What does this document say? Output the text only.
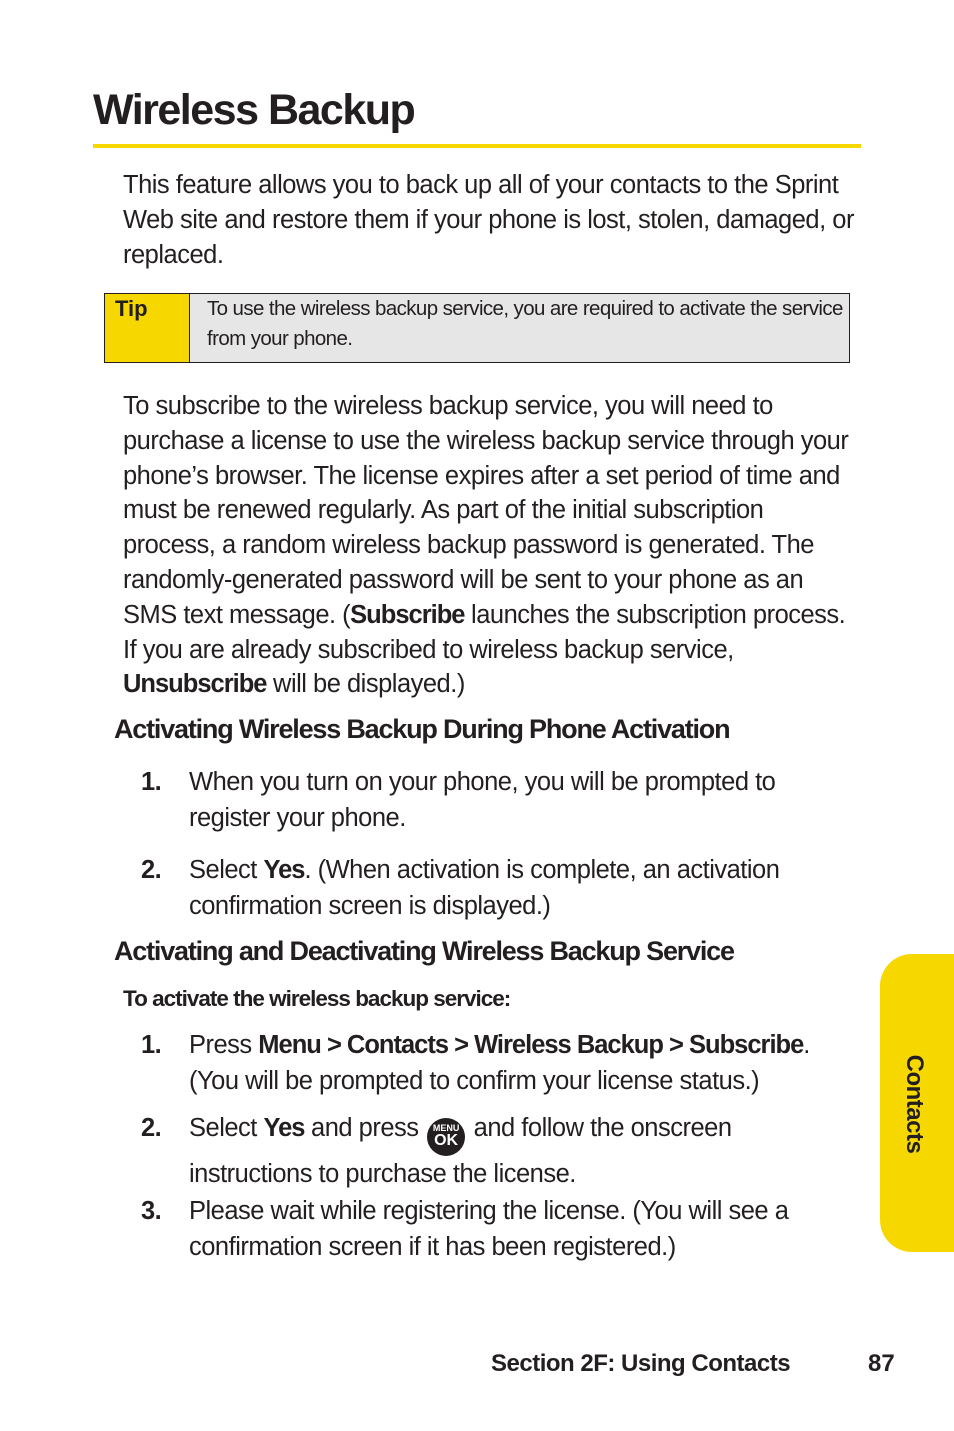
Wireless Backup

This feature allows you to back up all of your contacts to the Sprint Web site and restore them if your phone is lost, stolen, damaged, or replaced.

Tip	To use the wireless backup service, you are required to activate the service from your phone.

To subscribe to the wireless backup service, you will need to purchase a license to use the wireless backup service through your phone’s browser. The license expires after a set period of time and must be renewed regularly. As part of the initial subscription process, a random wireless backup password is generated. The randomly-generated password will be sent to your phone as an SMS text message. (Subscribe launches the subscription process. If you are already subscribed to wireless backup service, Unsubscribe will be displayed.)

Activating Wireless Backup During Phone Activation
1.	When you turn on your phone, you will be prompted to register your phone.
2.	Select Yes. (When activation is complete, an activation confirmation screen is displayed.)
Activating and Deactivating Wireless Backup Service

To activate the wireless backup service:

1.	Press Menu > Contacts > Wireless Backup > Subscribe. (You will be prompted to confirm your license status.)
2.	Select Yes and press MENU
OK and follow the onscreen instructions to purchase the license.
3.	Please wait while registering the license. (You will see a confirmation screen if it has been registered.)
Contacts

Section 2F: Using Contacts	87
